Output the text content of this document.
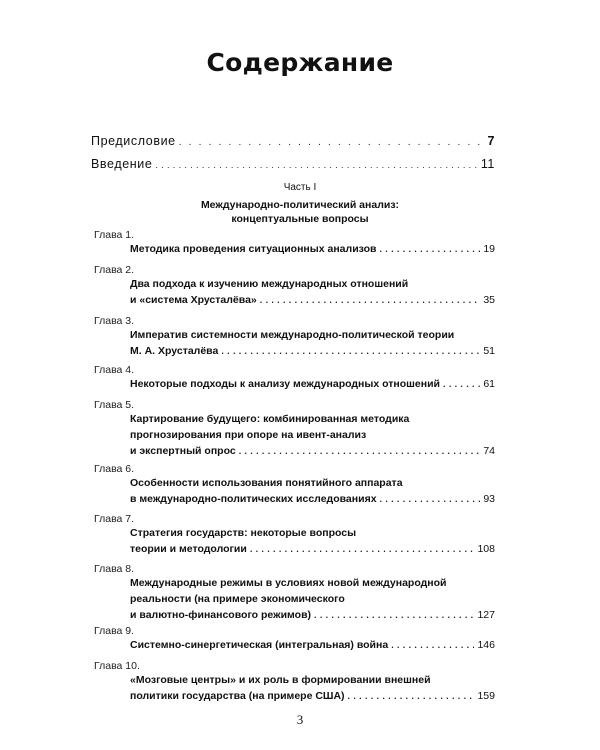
Содержание
Предисловие . . .	7
Введение . . .	11
Часть I
Международно-политический анализ:
концептуальные вопросы
Глава 1.
Методика проведения ситуационных анализов . . .	19
Глава 2.
Два подхода к изучению международных отношений
и «система Хрусталёва» . . .	35
Глава 3.
Императив системности международно-политической теории
М. А. Хрусталёва . . .	51
Глава 4.
Некоторые подходы к анализу международных отношений . . .	61
Глава 5.
Картирование будущего: комбинированная методика
прогнозирования при опоре на ивент-анализ
и экспертный опрос . . .	74
Глава 6.
Особенности использования понятийного аппарата
в международно-политических исследованиях . . .	93
Глава 7.
Стратегия государств: некоторые вопросы
теории и методологии . . .	108
Глава 8.
Международные режимы в условиях новой международной
реальности (на примере экономического
и валютно-финансового режимов) . . .	127
Глава 9.
Системно-синергетическая (интегральная) война . . .	146
Глава 10.
«Мозговые центры» и их роль в формировании внешней
политики государства (на примере США) . . .	159
3
